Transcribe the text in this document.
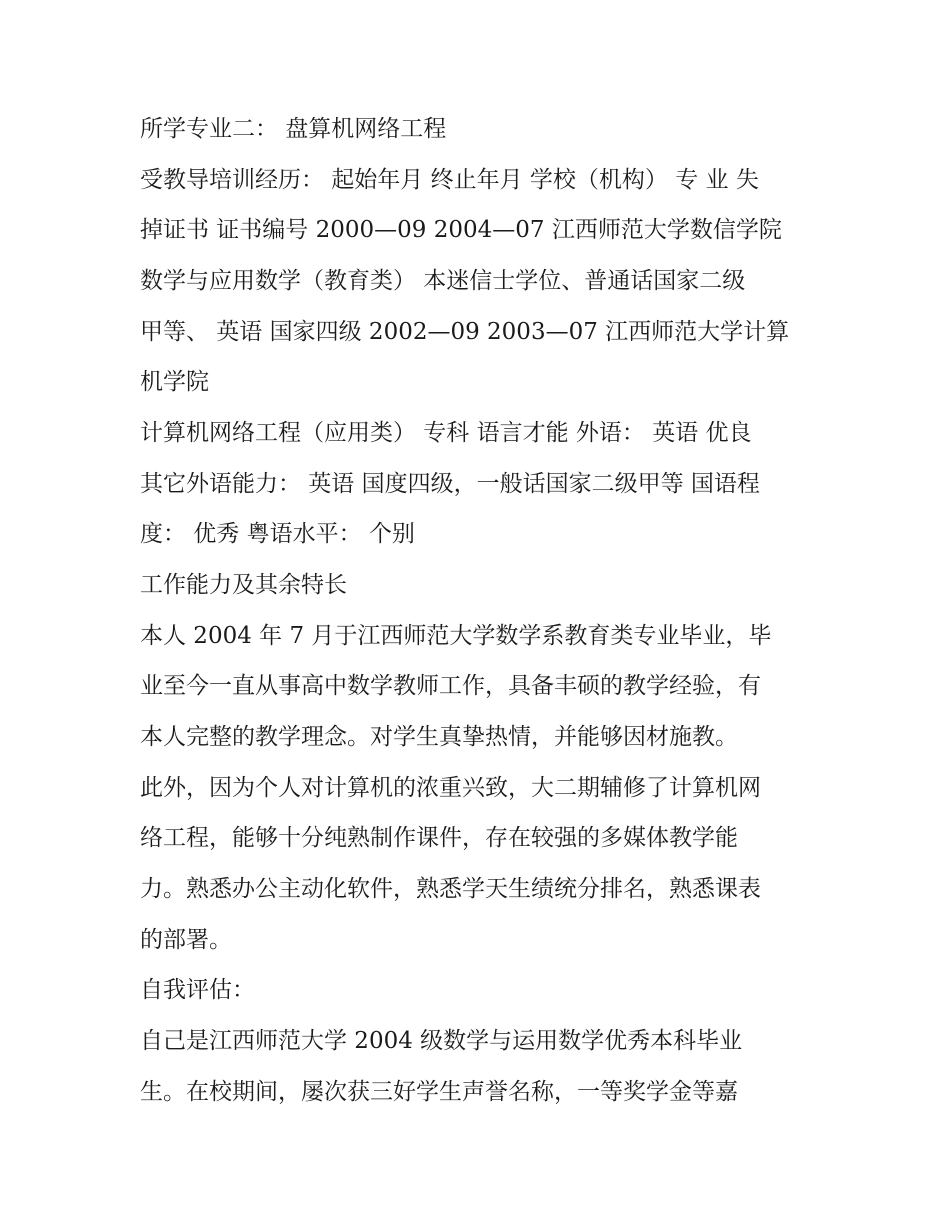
所学专业二： 盘算机网络工程
受教导培训经历： 起始年月 终止年月 学校（机构） 专 业 失
掉证书 证书编号 2000—09 2004—07 江西师范大学数信学院
数学与应用数学（教育类） 本迷信士学位、普通话国家二级
甲等、 英语 国家四级 2002—09 2003—07 江西师范大学计算
机学院
计算机网络工程（应用类） 专科 语言才能 外语： 英语 优良
其它外语能力： 英语 国度四级，一般话国家二级甲等 国语程
度： 优秀 粤语水平： 个别
工作能力及其余特长
本人 2004 年 7 月于江西师范大学数学系教育类专业毕业，毕
业至今一直从事高中数学教师工作，具备丰硕的教学经验，有
本人完整的教学理念。对学生真挚热情，并能够因材施教。
此外，因为个人对计算机的浓重兴致，大二期辅修了计算机网
络工程，能够十分纯熟制作课件，存在较强的多媒体教学能
力。熟悉办公主动化软件，熟悉学天生绩统分排名，熟悉课表
的部署。
自我评估：
自己是江西师范大学 2004 级数学与运用数学优秀本科毕业
生。在校期间，屡次获三好学生声誉名称，一等奖学金等嘉
